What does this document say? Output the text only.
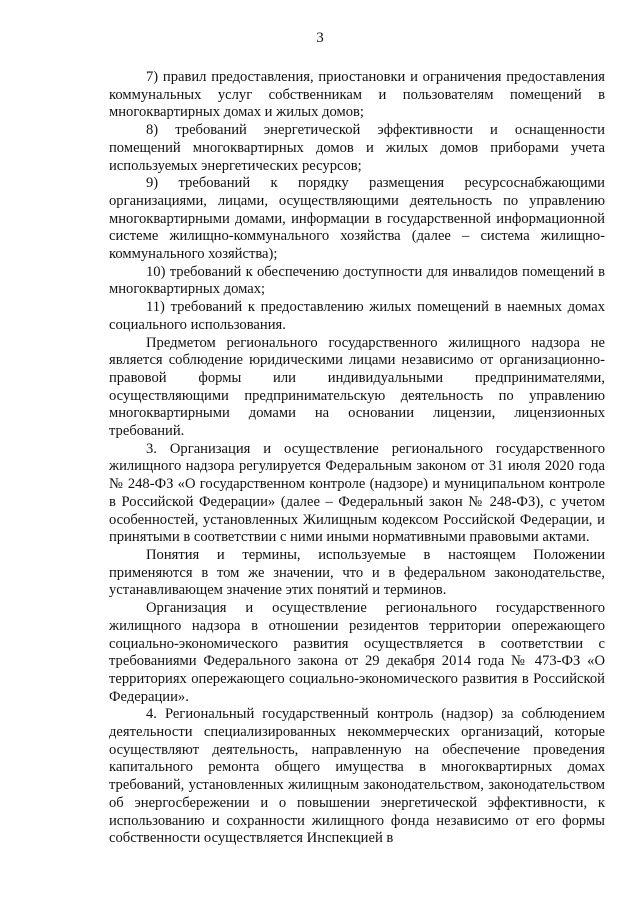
3

7) правил предоставления, приостановки и ограничения предоставления коммунальных услуг собственникам и пользователям помещений в многоквартирных домах и жилых домов;

8) требований энергетической эффективности и оснащенности помещений многоквартирных домов и жилых домов приборами учета используемых энергетических ресурсов;

9) требований к порядку размещения ресурсоснабжающими организациями, лицами, осуществляющими деятельность по управлению многоквартирными домами, информации в государственной информационной системе жилищно-коммунального хозяйства (далее – система жилищно-коммунального хозяйства);

10) требований к обеспечению доступности для инвалидов помещений в многоквартирных домах;

11) требований к предоставлению жилых помещений в наемных домах социального использования.

Предметом регионального государственного жилищного надзора не является соблюдение юридическими лицами независимо от организационно-правовой формы или индивидуальными предпринимателями, осуществляющими предпринимательскую деятельность по управлению многоквартирными домами на основании лицензии, лицензионных требований.

3. Организация и осуществление регионального государственного жилищного надзора регулируется Федеральным законом от 31 июля 2020 года № 248-ФЗ «О государственном контроле (надзоре) и муниципальном контроле в Российской Федерации» (далее – Федеральный закон № 248-ФЗ), с учетом особенностей, установленных Жилищным кодексом Российской Федерации, и принятыми в соответствии с ними иными нормативными правовыми актами.

Понятия и термины, используемые в настоящем Положении применяются в том же значении, что и в федеральном законодательстве, устанавливающем значение этих понятий и терминов.

Организация и осуществление регионального государственного жилищного надзора в отношении резидентов территории опережающего социально-экономического развития осуществляется в соответствии с требованиями Федерального закона от 29 декабря 2014 года № 473-ФЗ «О территориях опережающего социально-экономического развития в Российской Федерации».

4. Региональный государственный контроль (надзор) за соблюдением деятельности специализированных некоммерческих организаций, которые осуществляют деятельность, направленную на обеспечение проведения капитального ремонта общего имущества в многоквартирных домах требований, установленных жилищным законодательством, законодательством об энергосбережении и о повышении энергетической эффективности, к использованию и сохранности жилищного фонда независимо от его формы собственности осуществляется Инспекцией в
